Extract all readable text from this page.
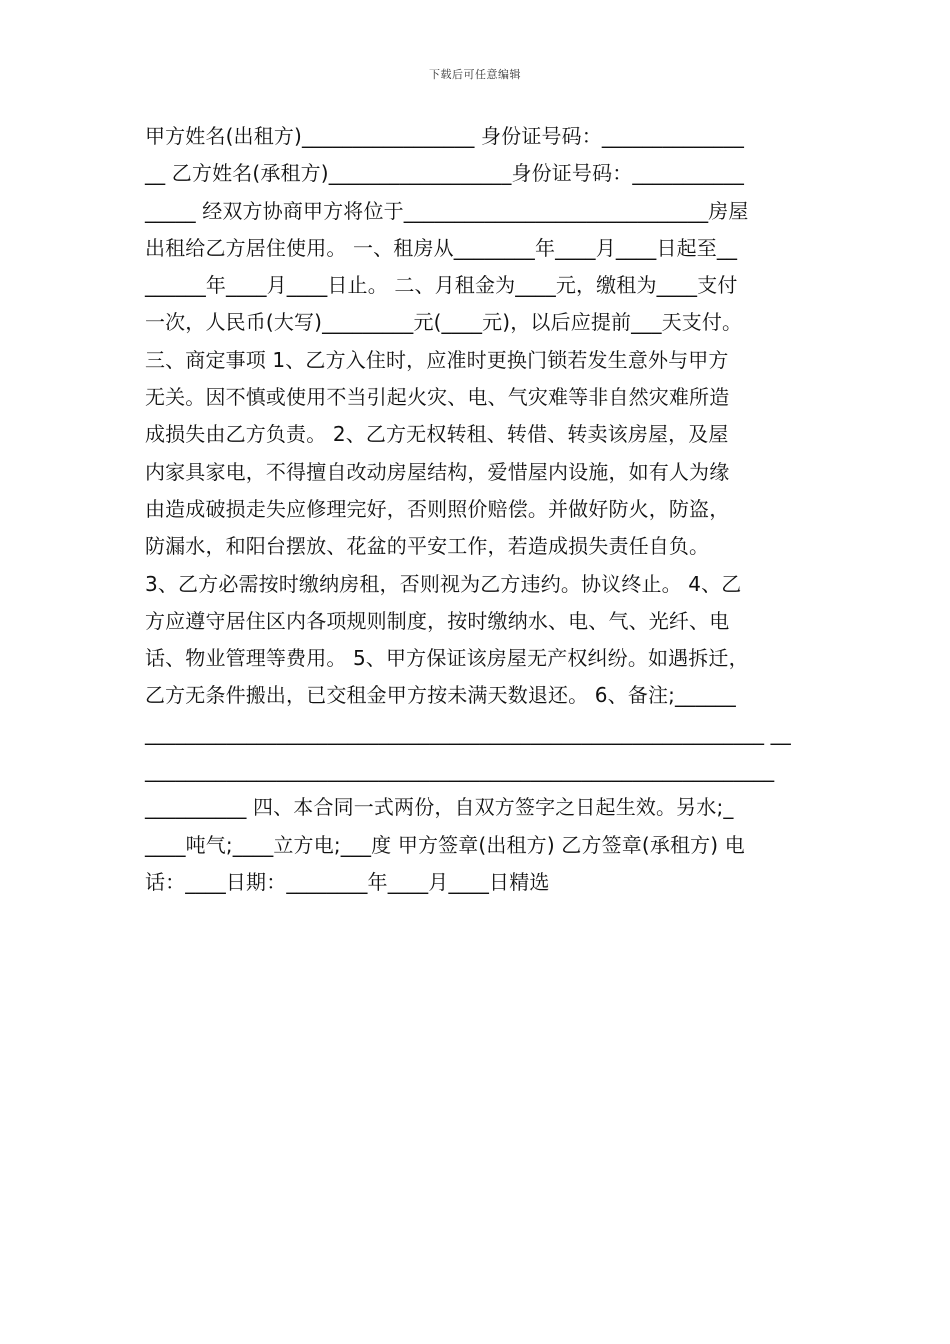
下载后可任意编辑
甲方姓名(出租方)_________________ 身份证号码：______________
__ 乙方姓名(承租方)__________________身份证号码：___________
_____ 经双方协商甲方将位于______________________________房屋
出租给乙方居住使用。 一、租房从________年____月____日起至__
______年____月____日止。 二、月租金为____元，缴租为____支付
一次，人民币(大写)_________元(____元)，以后应提前___天支付。
三、商定事项 1、乙方入住时，应准时更换门锁若发生意外与甲方
无关。因不慎或使用不当引起火灾、电、气灾难等非自然灾难所造
成损失由乙方负责。 2、乙方无权转租、转借、转卖该房屋，及屋
内家具家电，不得擅自改动房屋结构，爱惜屋内设施，如有人为缘
由造成破损走失应修理完好，否则照价赔偿。并做好防火，防盗，
防漏水，和阳台摆放、花盆的平安工作，若造成损失责任自负。
3、乙方必需按时缴纳房租，否则视为乙方违约。协议终止。 4、乙
方应遵守居住区内各项规则制度，按时缴纳水、电、气、光纤、电
话、物业管理等费用。 5、甲方保证该房屋无产权纠纷。如遇拆迁，
乙方无条件搬出，已交租金甲方按未满天数退还。 6、备注;______
_____________________________________________________________ __
______________________________________________________________
__________ 四、本合同一式两份，自双方签字之日起生效。另水;_
____吨气;____立方电;___度 甲方签章(出租方) 乙方签章(承租方) 电
话：____日期：________年____月____日精选
